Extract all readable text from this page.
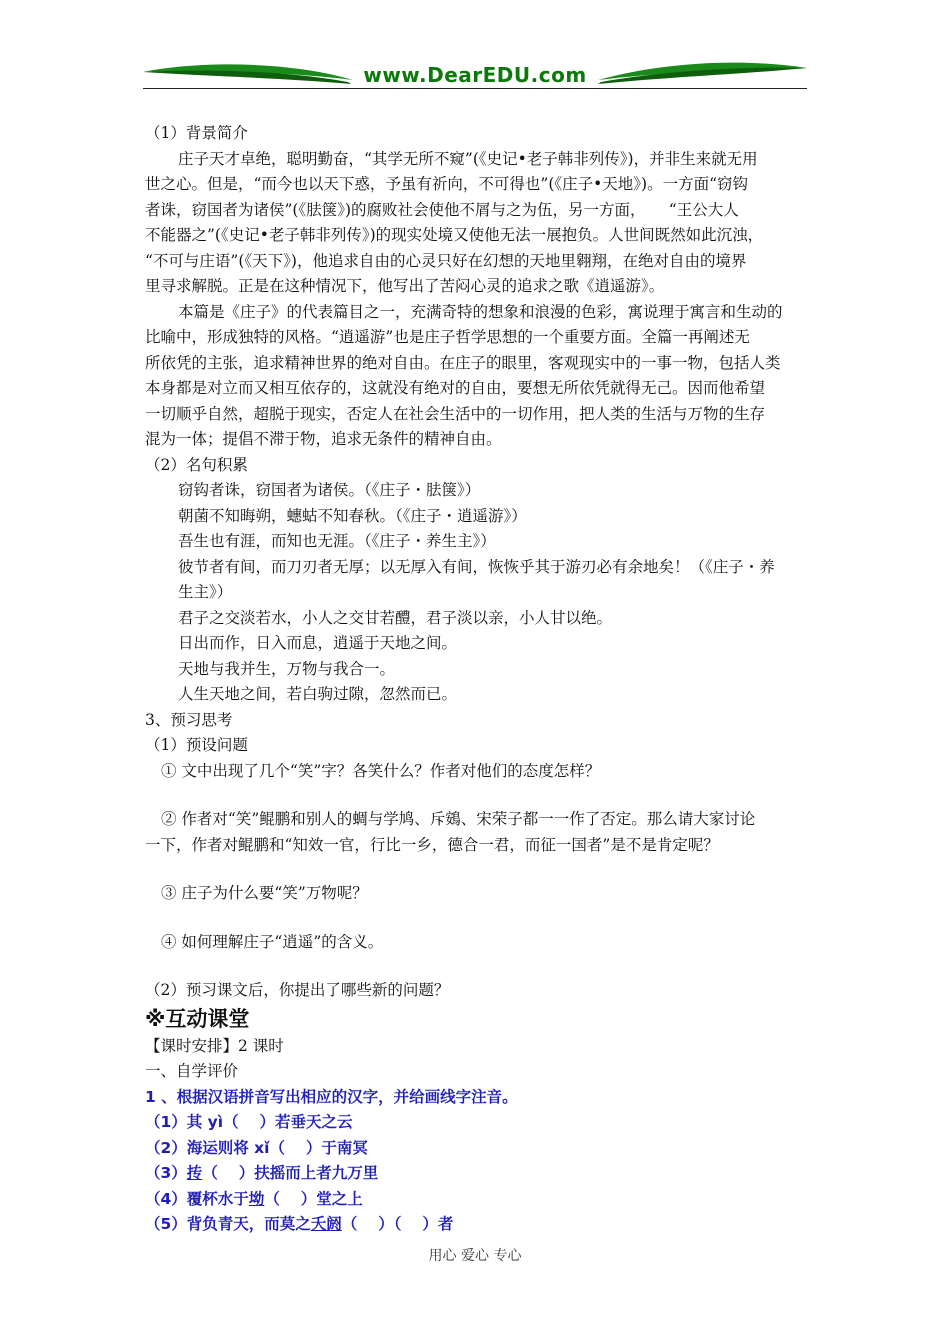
www.DearEDU.com
（1）背景简介
庄子天才卓绝，聪明勤奋，“其学无所不窥”(《史记•老子韩非列传》)，并非生来就无用
世之心。但是，“而今也以天下惑，予虽有祈向，不可得也”(《庄子•天地》)。一方面“窃钩
者诛，窃国者为诸侯”(《胠箧》)的腐败社会使他不屑与之为伍，另一方面，　　“王公大人
不能器之”(《史记•老子韩非列传》)的现实处境又使他无法一展抱负。人世间既然如此沉浊，
“不可与庄语”(《天下》)，他追求自由的心灵只好在幻想的天地里翱翔，在绝对自由的境界
里寻求解脱。正是在这种情况下，他写出了苦闷心灵的追求之歌《逍遥游》。
本篇是《庄子》的代表篇目之一，充满奇特的想象和浪漫的色彩，寓说理于寓言和生动的
比喻中，形成独特的风格。“逍遥游”也是庄子哲学思想的一个重要方面。全篇一再阐述无
所依凭的主张，追求精神世界的绝对自由。在庄子的眼里，客观现实中的一事一物，包括人类
本身都是对立而又相互依存的，这就没有绝对的自由，要想无所依凭就得无己。因而他希望
一切顺乎自然，超脱于现实，否定人在社会生活中的一切作用，把人类的生活与万物的生存
混为一体；提倡不滞于物，追求无条件的精神自由。
（2）名句积累
窃钩者诛，窃国者为诸侯。（《庄子・胠箧》）
朝菌不知晦朔，蟪蛄不知春秋。（《庄子・逍遥游》）
吾生也有涯，而知也无涯。（《庄子・养生主》）
彼节者有间，而刀刃者无厚；以无厚入有间，恢恢乎其于游刃必有余地矣！（《庄子・养
生主》）
君子之交淡若水，小人之交甘若醴，君子淡以亲，小人甘以绝。
日出而作，日入而息，逍遥于天地之间。
天地与我并生，万物与我合一。
人生天地之间，若白驹过隙，忽然而已。
3、预习思考
（1）预设问题
① 文中出现了几个“笑”字？各笑什么？作者对他们的态度怎样？
② 作者对“笑”鲲鹏和别人的蜩与学鸠、斥鴳、宋荣子都一一作了否定。那么请大家讨论
一下，作者对鲲鹏和“知效一官，行比一乡，德合一君，而征一国者”是不是肯定呢？
③ 庄子为什么要“笑”万物呢？
④ 如何理解庄子“逍遥”的含义。
（2）预习课文后，你提出了哪些新的问题？
※互动课堂
【课时安排】2 课时
一、自学评价
1 、根据汉语拼音写出相应的汉字，并给画线字注音。
（1）其 yì（　 ）若垂天之云
（2）海运则将 xǐ（　 ）于南冥
（3）抟（　 ）扶摇而上者九万里
（4）覆杯水于坳（　 ）堂之上
（5）背负青天，而莫之夭阏（　 ）（　 ）者
用心 爱心 专心
